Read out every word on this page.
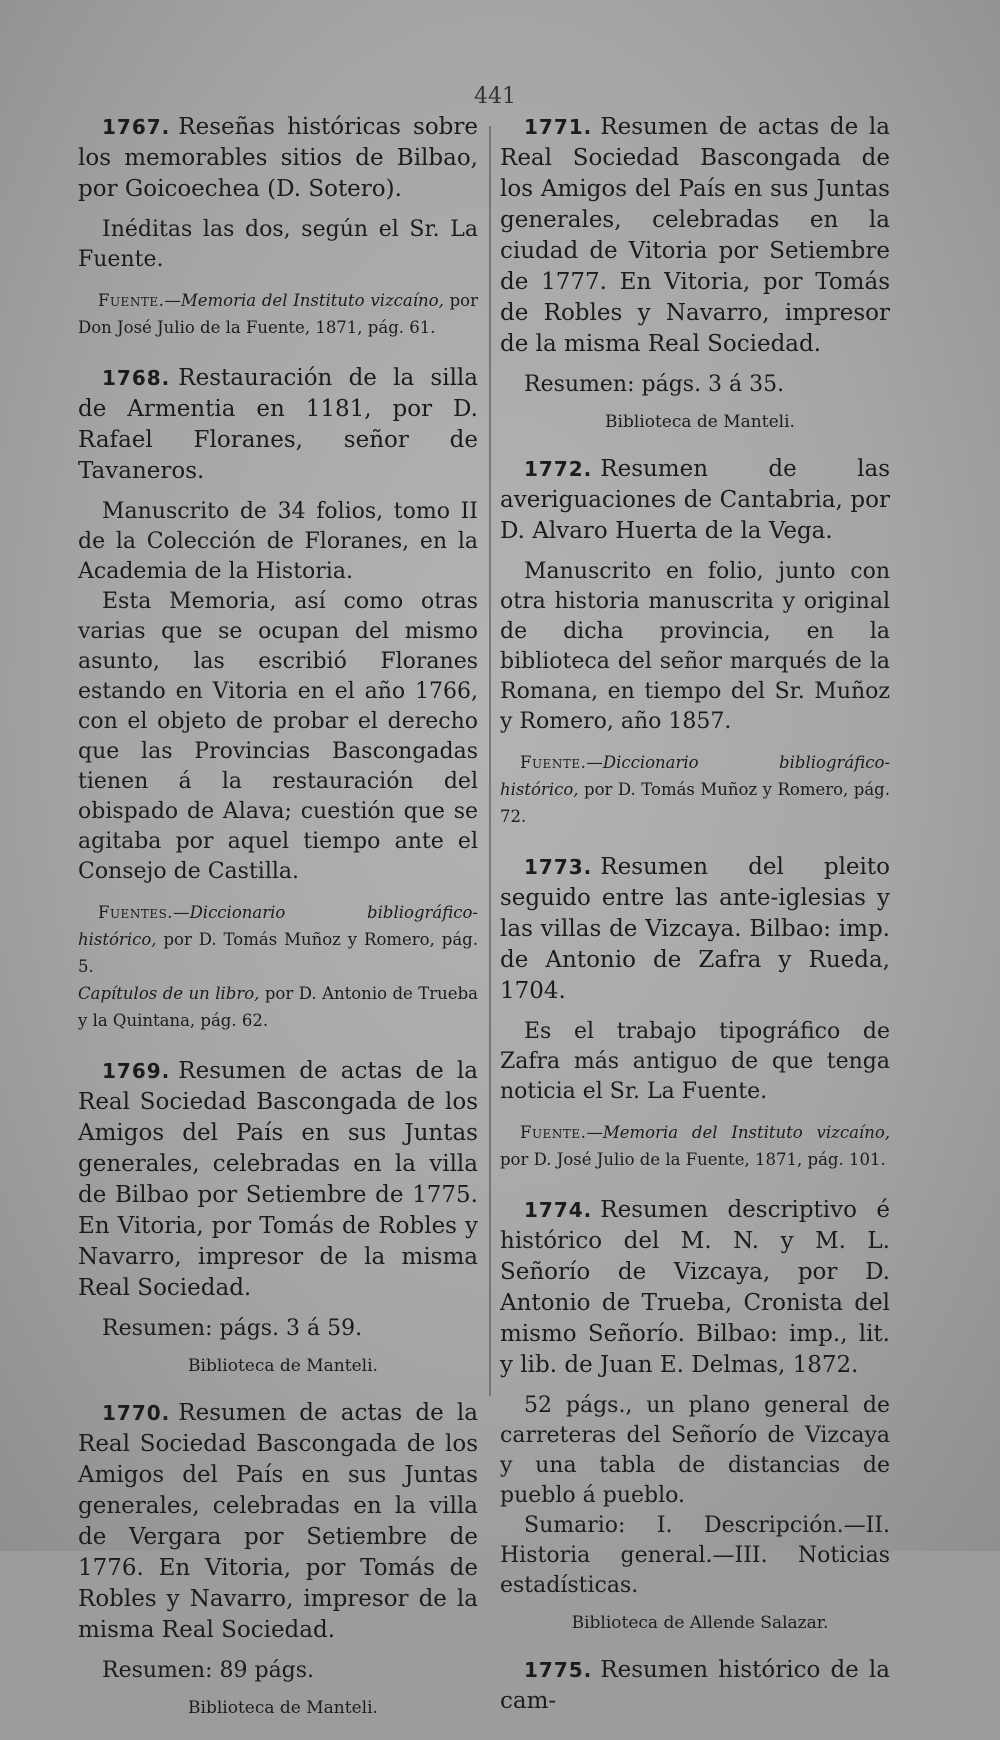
441

1767. Reseñas históricas sobre los memorables sitios de Bilbao, por Goicoechea (D. Sotero).

Inéditas las dos, según el Sr. La Fuente.

Fuente.—Memoria del Instituto vizcaíno, por Don José Julio de la Fuente, 1871, pág. 61.

1768. Restauración de la silla de Armentia en 1181, por D. Rafael Floranes, señor de Tavaneros.

Manuscrito de 34 folios, tomo II de la Colección de Floranes, en la Academia de la Historia.

Esta Memoria, así como otras varias que se ocupan del mismo asunto, las escribió Floranes estando en Vitoria en el año 1766, con el objeto de probar el derecho que las Provincias Bascongadas tienen á la restauración del obispado de Alava; cuestión que se agitaba por aquel tiempo ante el Consejo de Castilla.

Fuentes.—Diccionario bibliográfico-histórico, por D. Tomás Muñoz y Romero, pág. 5.

Capítulos de un libro, por D. Antonio de Trueba y la Quintana, pág. 62.

1769. Resumen de actas de la Real Sociedad Bascongada de los Amigos del País en sus Juntas generales, celebradas en la villa de Bilbao por Setiembre de 1775. En Vitoria, por Tomás de Robles y Navarro, impresor de la misma Real Sociedad.

Resumen: págs. 3 á 59.

Biblioteca de Manteli.

1770. Resumen de actas de la Real Sociedad Bascongada de los Amigos del País en sus Juntas generales, celebradas en la villa de Vergara por Setiembre de 1776. En Vitoria, por Tomás de Robles y Navarro, impresor de la misma Real Sociedad.

Resumen: 89 págs.

Biblioteca de Manteli.

1771. Resumen de actas de la Real Sociedad Bascongada de los Amigos del País en sus Juntas generales, celebradas en la ciudad de Vitoria por Setiembre de 1777. En Vitoria, por Tomás de Robles y Navarro, impresor de la misma Real Sociedad.

Resumen: págs. 3 á 35.

Biblioteca de Manteli.

1772. Resumen de las averiguaciones de Cantabria, por D. Alvaro Huerta de la Vega.

Manuscrito en folio, junto con otra historia manuscrita y original de dicha provincia, en la biblioteca del señor marqués de la Romana, en tiempo del Sr. Muñoz y Romero, año 1857.

Fuente.—Diccionario bibliográfico-histórico, por D. Tomás Muñoz y Romero, pág. 72.

1773. Resumen del pleito seguido entre las ante-iglesias y las villas de Vizcaya. Bilbao: imp. de Antonio de Zafra y Rueda, 1704.

Es el trabajo tipográfico de Zafra más antiguo de que tenga noticia el Sr. La Fuente.

Fuente.—Memoria del Instituto vizcaíno, por D. José Julio de la Fuente, 1871, pág. 101.

1774. Resumen descriptivo é histórico del M. N. y M. L. Señorío de Vizcaya, por D. Antonio de Trueba, Cronista del mismo Señorío. Bilbao: imp., lit. y lib. de Juan E. Delmas, 1872.

52 págs., un plano general de carreteras del Señorío de Vizcaya y una tabla de distancias de pueblo á pueblo.

Sumario: I. Descripción.—II. Historia general.—III. Noticias estadísticas.

Biblioteca de Allende Salazar.

1775. Resumen histórico de la cam-
